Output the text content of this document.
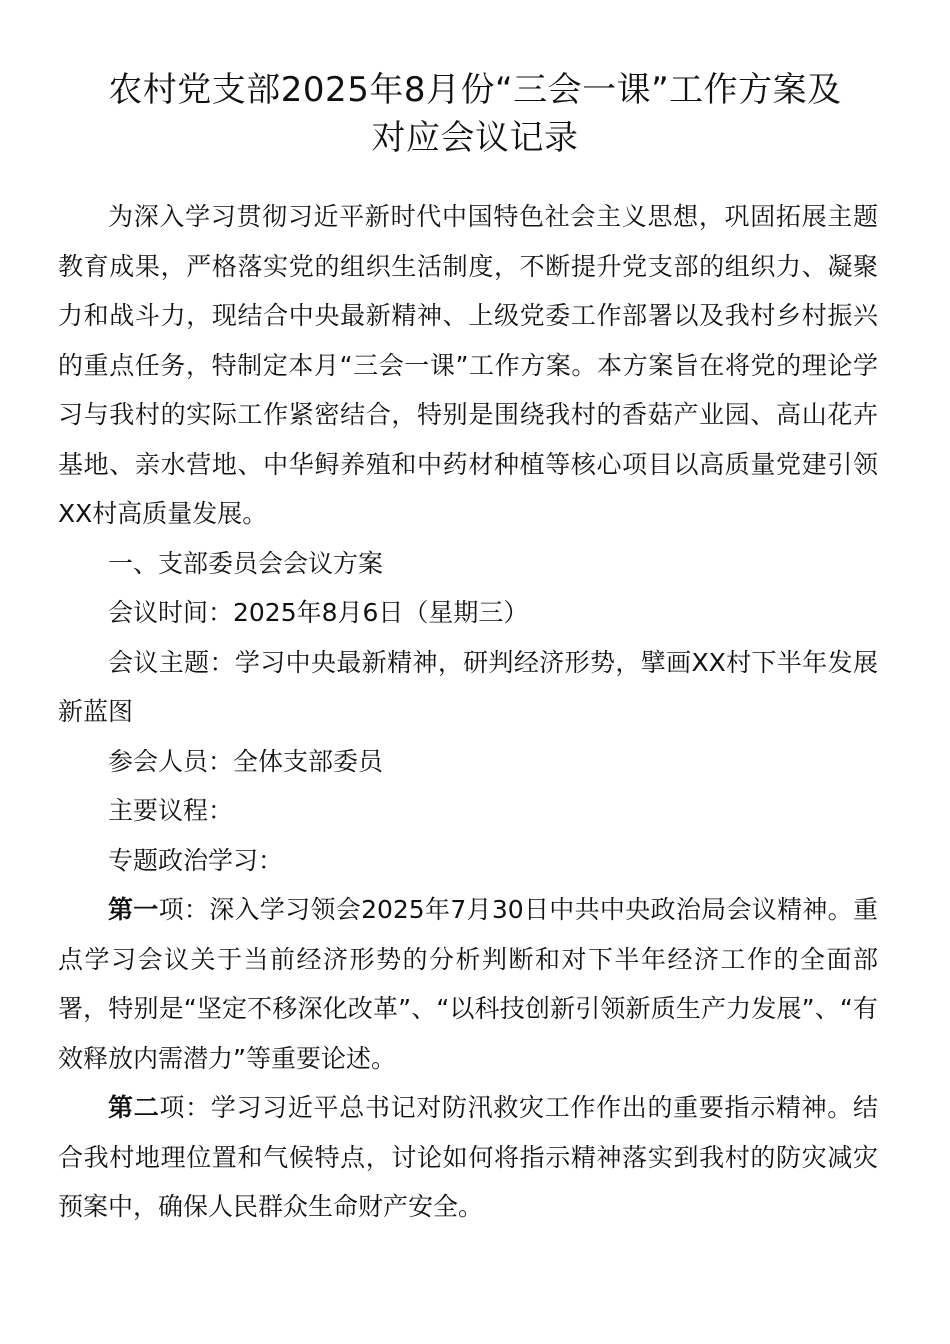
农村党支部2025年8月份“三会一课”工作方案及
对应会议记录

为深入学习贯彻习近平新时代中国特色社会主义思想，巩固拓展主题教育成果，严格落实党的组织生活制度，不断提升党支部的组织力、凝聚力和战斗力，现结合中央最新精神、上级党委工作部署以及我村乡村振兴的重点任务，特制定本月“三会一课”工作方案。本方案旨在将党的理论学习与我村的实际工作紧密结合，特别是围绕我村的香菇产业园、高山花卉基地、亲水营地、中华鲟养殖和中药材种植等核心项目以高质量党建引领XX村高质量发展。

一、支部委员会会议方案

会议时间：2025年8月6日（星期三）

会议主题：学习中央最新精神，研判经济形势，擘画XX村下半年发展新蓝图

参会人员：全体支部委员

主要议程：

专题政治学习：

第一项：深入学习领会2025年7月30日中共中央政治局会议精神。重点学习会议关于当前经济形势的分析判断和对下半年经济工作的全面部署，特别是“坚定不移深化改革”、“以科技创新引领新质生产力发展”、“有效释放内需潜力”等重要论述。

第二项：学习习近平总书记对防汛救灾工作作出的重要指示精神。结合我村地理位置和气候特点，讨论如何将指示精神落实到我村的防灾减灾预案中，确保人民群众生命财产安全。
